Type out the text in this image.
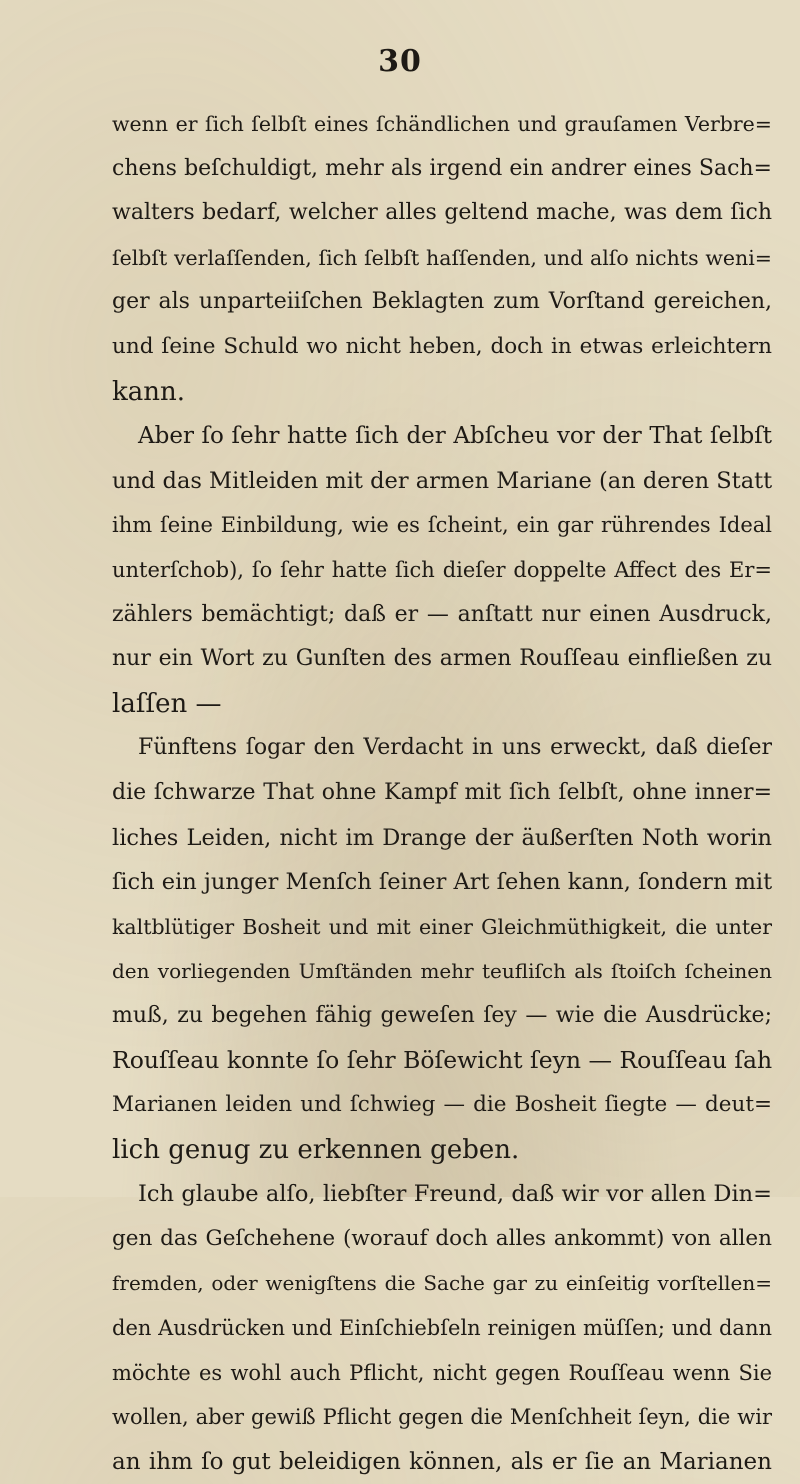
30
wenn er ſich ſelbſt eines ſchändlichen und grauſamen Verbre=
chens beſchuldigt, mehr als irgend ein andrer eines Sach=
walters bedarf, welcher alles geltend mache, was dem ſich
ſelbſt verlaſſenden, ſich ſelbſt haſſenden, und alſo nichts weni=
ger als unparteiiſchen Beklagten zum Vorſtand gereichen,
und ſeine Schuld wo nicht heben, doch in etwas erleichtern
kann.
Aber ſo ſehr hatte ſich der Abſcheu vor der That ſelbſt
und das Mitleiden mit der armen Mariane (an deren Statt
ihm ſeine Einbildung, wie es ſcheint, ein gar rührendes Ideal
unterſchob), ſo ſehr hatte ſich dieſer doppelte Affect des Er=
zählers bemächtigt; daß er — anſtatt nur einen Ausdruck,
nur ein Wort zu Gunſten des armen Rouſſeau einfließen zu
laſſen —
Fünftens ſogar den Verdacht in uns erweckt, daß dieſer
die ſchwarze That ohne Kampf mit ſich ſelbſt, ohne inner=
liches Leiden, nicht im Drange der äußerſten Noth worin
ſich ein junger Menſch ſeiner Art ſehen kann, ſondern mit
kaltblütiger Bosheit und mit einer Gleichmüthigkeit, die unter
den vorliegenden Umſtänden mehr teufliſch als ſtoiſch ſcheinen
muß, zu begehen fähig geweſen ſey — wie die Ausdrücke;
Rouſſeau konnte ſo ſehr Böſewicht ſeyn — Rouſſeau ſah
Marianen leiden und ſchwieg — die Bosheit ſiegte — deut=
lich genug zu erkennen geben.
Ich glaube alſo, liebſter Freund, daß wir vor allen Din=
gen das Geſchehene (worauf doch alles ankommt) von allen
fremden, oder wenigſtens die Sache gar zu einſeitig vorſtellen=
den Ausdrücken und Einſchiebſeln reinigen müſſen; und dann
möchte es wohl auch Pflicht, nicht gegen Rouſſeau wenn Sie
wollen, aber gewiß Pflicht gegen die Menſchheit ſeyn, die wir
an ihm ſo gut beleidigen können, als er ſie an Marianen
